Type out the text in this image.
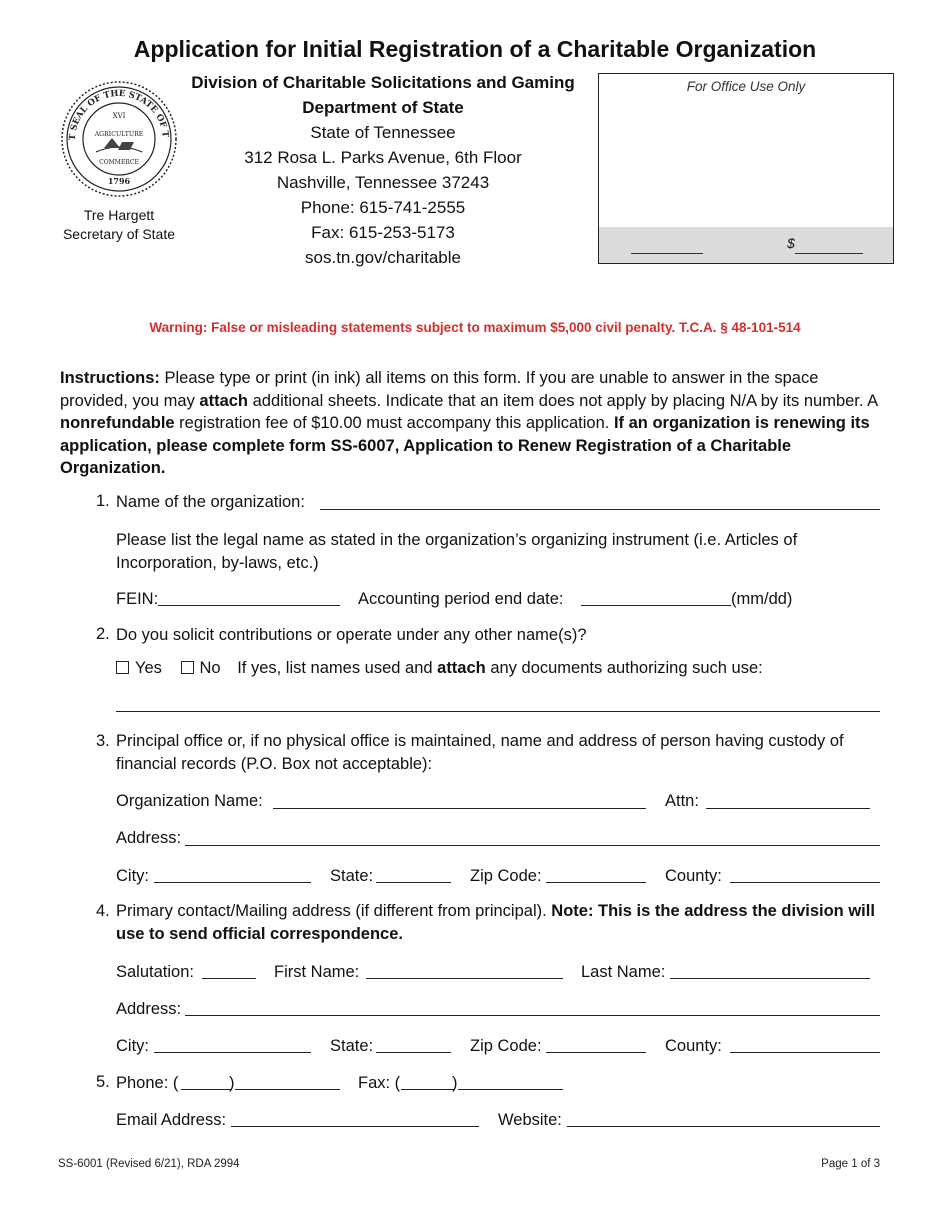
Application for Initial Registration of a Charitable Organization
T SEAL OF THE STATE OF T
XVI
AGRICULTURE
COMMERCE
1796
Tre Hargett
Secretary of State
Division of Charitable Solicitations and Gaming
Department of State
State of Tennessee
312 Rosa L. Parks Avenue, 6th Floor
Nashville, Tennessee 37243
Phone: 615-741-2555
Fax: 615-253-5173
sos.tn.gov/charitable
For Office Use Only
$
Warning: False or misleading statements subject to maximum $5,000 civil penalty. T.C.A. § 48-101-514
Instructions: Please type or print (in ink) all items on this form. If you are unable to answer in the space provided, you may attach additional sheets. Indicate that an item does not apply by placing N/A by its number. A nonrefundable registration fee of $10.00 must accompany this application. If an organization is renewing its application, please complete form SS-6007, Application to Renew Registration of a Charitable Organization.
1. Name of the organization:
Please list the legal name as stated in the organization’s organizing instrument (i.e. Articles of Incorporation, by-laws, etc.)
FEIN:	Accounting period end date:	(mm/dd)
2. Do you solicit contributions or operate under any other name(s)?
Yes No If yes, list names used and attach any documents authorizing such use:
3. Principal office or, if no physical office is maintained, name and address of person having custody of financial records (P.O. Box not acceptable):
Organization Name:	Attn:
Address:
City:	State:	Zip Code:	County:
4. Primary contact/Mailing address (if different from principal). Note: This is the address the division will use to send official correspondence.
Salutation:	First Name:	Last Name:
Address:
City:	State:	Zip Code:	County:
5. Phone: (	)	Fax: (	)
Email Address:	Website:
SS-6001 (Revised 6/21), RDA 2994	Page 1 of 3
